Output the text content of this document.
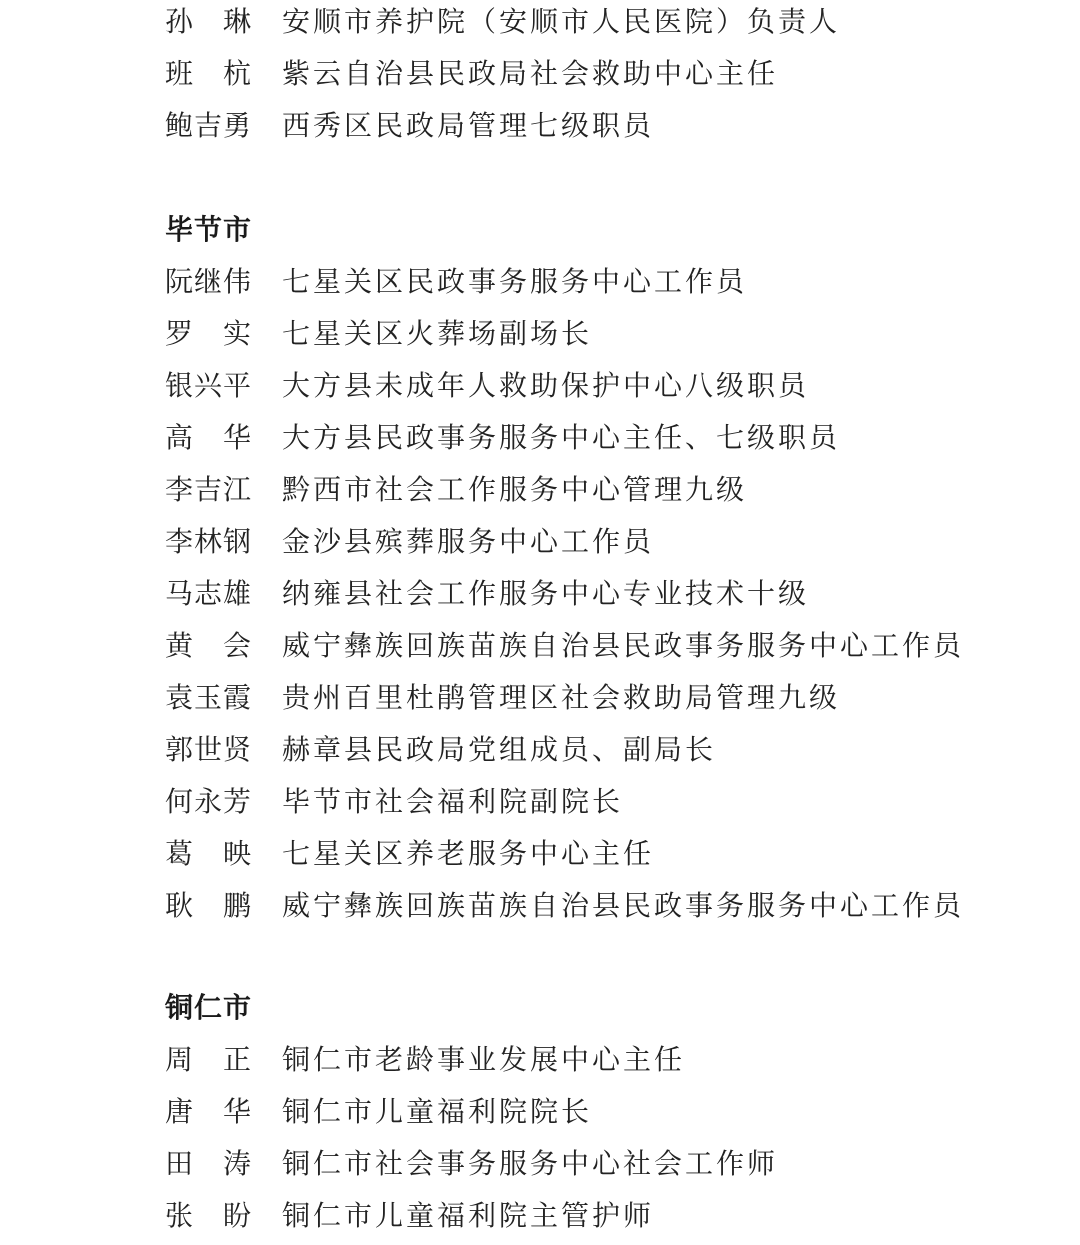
孙　琳 安顺市养护院（安顺市人民医院）负责人
班　杭 紫云自治县民政局社会救助中心主任
鲍吉勇 西秀区民政局管理七级职员
毕节市
阮继伟 七星关区民政事务服务中心工作员
罗　实 七星关区火葬场副场长
银兴平 大方县未成年人救助保护中心八级职员
高　华 大方县民政事务服务中心主任、七级职员
李吉江 黔西市社会工作服务中心管理九级
李林钢 金沙县殡葬服务中心工作员
马志雄 纳雍县社会工作服务中心专业技术十级
黄　会 威宁彝族回族苗族自治县民政事务服务中心工作员
袁玉霞 贵州百里杜鹃管理区社会救助局管理九级
郭世贤 赫章县民政局党组成员、副局长
何永芳 毕节市社会福利院副院长
葛　映 七星关区养老服务中心主任
耿　鹏 威宁彝族回族苗族自治县民政事务服务中心工作员
铜仁市
周　正 铜仁市老龄事业发展中心主任
唐　华 铜仁市儿童福利院院长
田　涛 铜仁市社会事务服务中心社会工作师
张　盼 铜仁市儿童福利院主管护师
